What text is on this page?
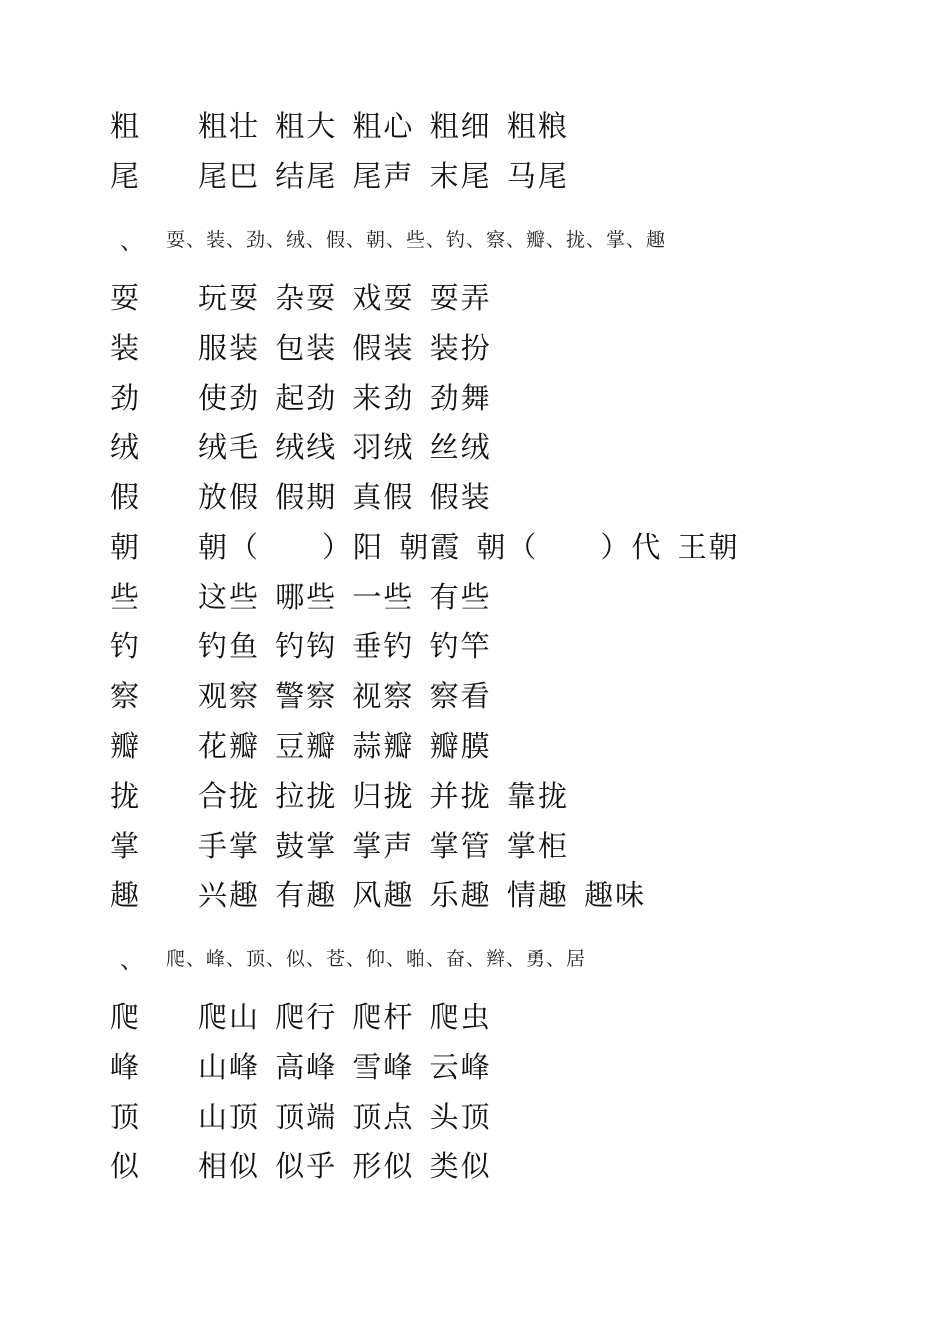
粗	粗壮 粗大 粗心 粗细 粗粮
尾	尾巴 结尾 尾声 末尾 马尾
、	耍、装、劲、绒、假、朝、些、钓、察、瓣、拢、掌、趣
耍	玩耍 杂耍 戏耍 耍弄
装	服装 包装 假装 装扮
劲	使劲 起劲 来劲 劲舞
绒	绒毛 绒线 羽绒 丝绒
假	放假 假期 真假 假装
朝	朝（　　）阳 朝霞 朝（　　）代 王朝
些	这些 哪些 一些 有些
钓	钓鱼 钓钩 垂钓 钓竿
察	观察 警察 视察 察看
瓣	花瓣 豆瓣 蒜瓣 瓣膜
拢	合拢 拉拢 归拢 并拢 靠拢
掌	手掌 鼓掌 掌声 掌管 掌柜
趣	兴趣 有趣 风趣 乐趣 情趣 趣味
、	爬、峰、顶、似、苍、仰、啪、奋、辫、勇、居
爬	爬山 爬行 爬杆 爬虫
峰	山峰 高峰 雪峰 云峰
顶	山顶 顶端 顶点 头顶
似	相似 似乎 形似 类似
